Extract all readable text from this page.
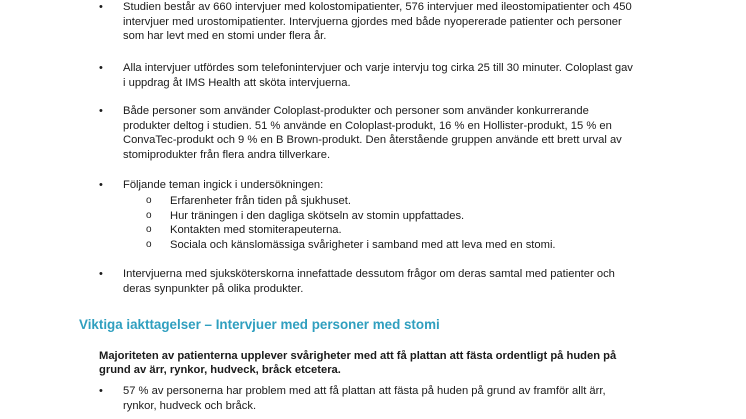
•	Studien består av 660 intervjuer med kolostomipatienter, 576 intervjuer med ileostomipatienter och 450
intervjuer med urostomipatienter. Intervjuerna gjordes med både nyopererade patienter och personer
som har levt med en stomi under flera år.
•	Alla intervjuer utfördes som telefonintervjuer och varje intervju tog cirka 25 till 30 minuter. Coloplast gav
i uppdrag åt IMS Health att sköta intervjuerna.
•	Både personer som använder Coloplast-produkter och personer som använder konkurrerande
produkter deltog i studien. 51 % använde en Coloplast-produkt, 16 % en Hollister-produkt, 15 % en
ConvaTec-produkt och 9 % en B Brown-produkt. Den återstående gruppen använde ett brett urval av
stomiprodukter från flera andra tillverkare.
•	Följande teman ingick i undersökningen:
o	Erfarenheter från tiden på sjukhuset.
o	Hur träningen i den dagliga skötseln av stomin uppfattades.
o	Kontakten med stomiterapeuterna.
o	Sociala och känslomässiga svårigheter i samband med att leva med en stomi.
•	Intervjuerna med sjuksköterskorna innefattade dessutom frågor om deras samtal med patienter och
deras synpunkter på olika produkter.
Viktiga iakttagelser – Intervjuer med personer med stomi
Majoriteten av patienterna upplever svårigheter med att få plattan att fästa ordentligt på huden på
grund av ärr, rynkor, hudveck, bråck etcetera.
•	57 % av personerna har problem med att få plattan att fästa på huden på grund av framför allt ärr,
rynkor, hudveck och bråck.
